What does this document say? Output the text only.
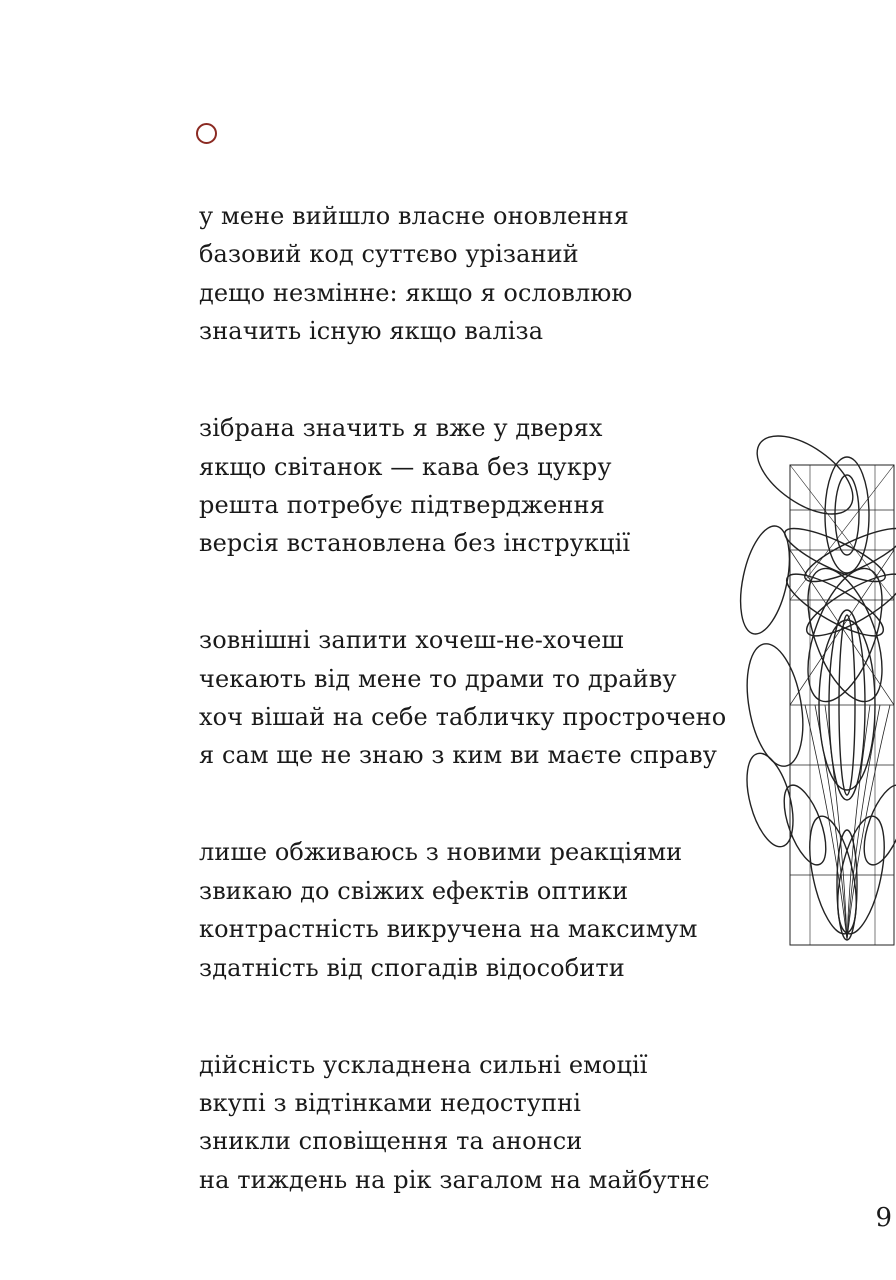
у мене вийшло власне оновлення
базовий код суттєво урізаний
дещо незмінне: якщо я ословлюю
значить існую якщо валіза
зібрана значить я вже у дверях
якщо світанок — кава без цукру
решта потребує підтвердження
версія встановлена без інструкції
зовнішні запити хочеш-не-хочеш
чекають від мене то драми то драйву
хоч вішай на себе табличку прострочено
я сам ще не знаю з ким ви маєте справу
лише обживаюсь з новими реакціями
звикаю до свіжих ефектів оптики
контрастність викручена на максимум
здатність від спогадів відособити
дійсність ускладнена сильні емоції
вкупі з відтінками недоступні
зникли сповіщення та анонси
на тиждень на рік загалом на майбутнє
9
